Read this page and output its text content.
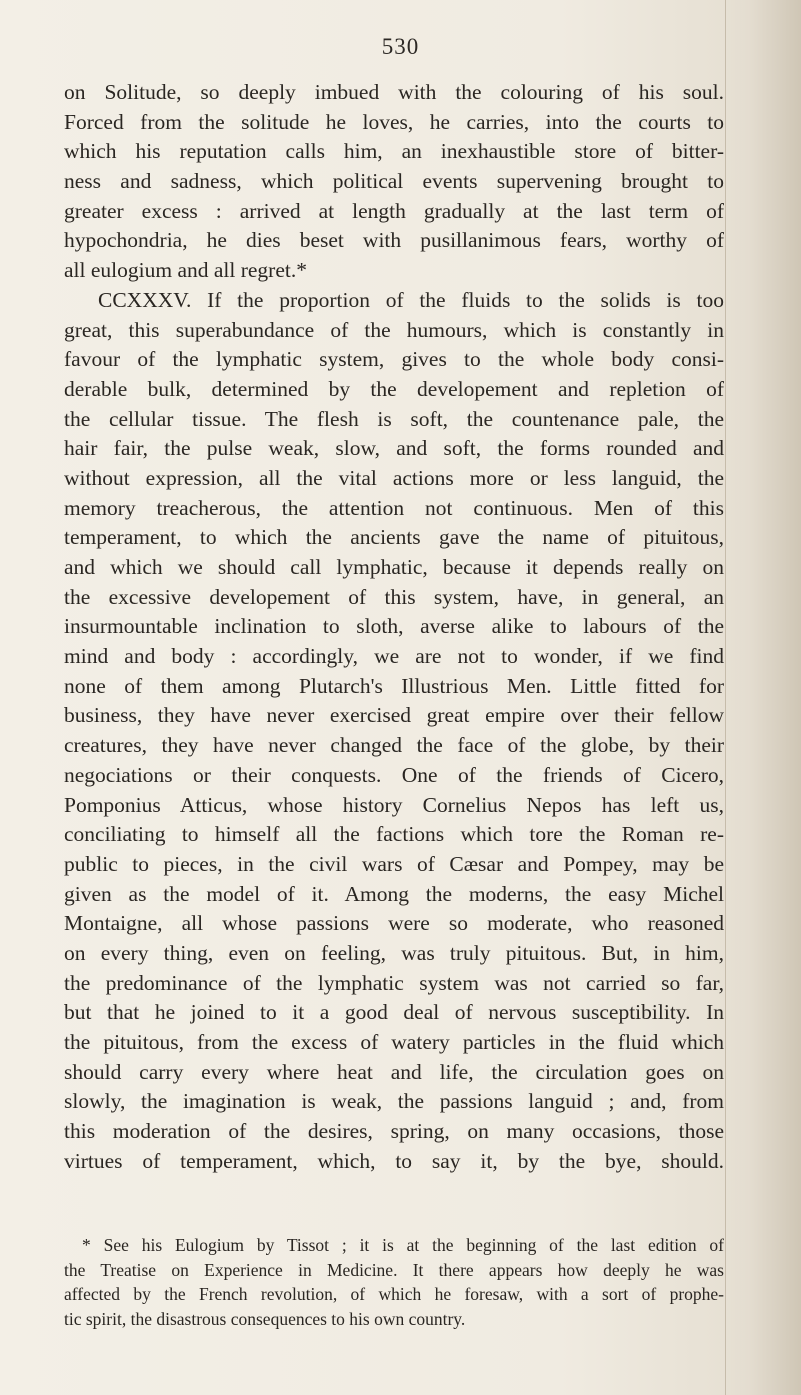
530
on Solitude, so deeply imbued with the colouring of his soul.
Forced from the solitude he loves, he carries, into the courts to
which his reputation calls him, an inexhaustible store of bitter-
ness and sadness, which political events supervening brought to
greater excess : arrived at length gradually at the last term of
hypochondria, he dies beset with pusillanimous fears, worthy of
all eulogium and all regret.*
CCXXXV. If the proportion of the fluids to the solids is too
great, this superabundance of the humours, which is constantly in
favour of the lymphatic system, gives to the whole body consi-
derable bulk, determined by the developement and repletion of
the cellular tissue. The flesh is soft, the countenance pale, the
hair fair, the pulse weak, slow, and soft, the forms rounded and
without expression, all the vital actions more or less languid, the
memory treacherous, the attention not continuous. Men of this
temperament, to which the ancients gave the name of pituitous,
and which we should call lymphatic, because it depends really on
the excessive developement of this system, have, in general, an
insurmountable inclination to sloth, averse alike to labours of the
mind and body : accordingly, we are not to wonder, if we find
none of them among Plutarch's Illustrious Men. Little fitted for
business, they have never exercised great empire over their fellow
creatures, they have never changed the face of the globe, by their
negociations or their conquests. One of the friends of Cicero,
Pomponius Atticus, whose history Cornelius Nepos has left us,
conciliating to himself all the factions which tore the Roman re-
public to pieces, in the civil wars of Cæsar and Pompey, may be
given as the model of it. Among the moderns, the easy Michel
Montaigne, all whose passions were so moderate, who reasoned
on every thing, even on feeling, was truly pituitous. But, in him,
the predominance of the lymphatic system was not carried so far,
but that he joined to it a good deal of nervous susceptibility. In
the pituitous, from the excess of watery particles in the fluid which
should carry every where heat and life, the circulation goes on
slowly, the imagination is weak, the passions languid ; and, from
this moderation of the desires, spring, on many occasions, those
virtues of temperament, which, to say it, by the bye, should.
* See his Eulogium by Tissot ; it is at the beginning of the last edition of
the Treatise on Experience in Medicine. It there appears how deeply he was
affected by the French revolution, of which he foresaw, with a sort of prophe-
tic spirit, the disastrous consequences to his own country.
